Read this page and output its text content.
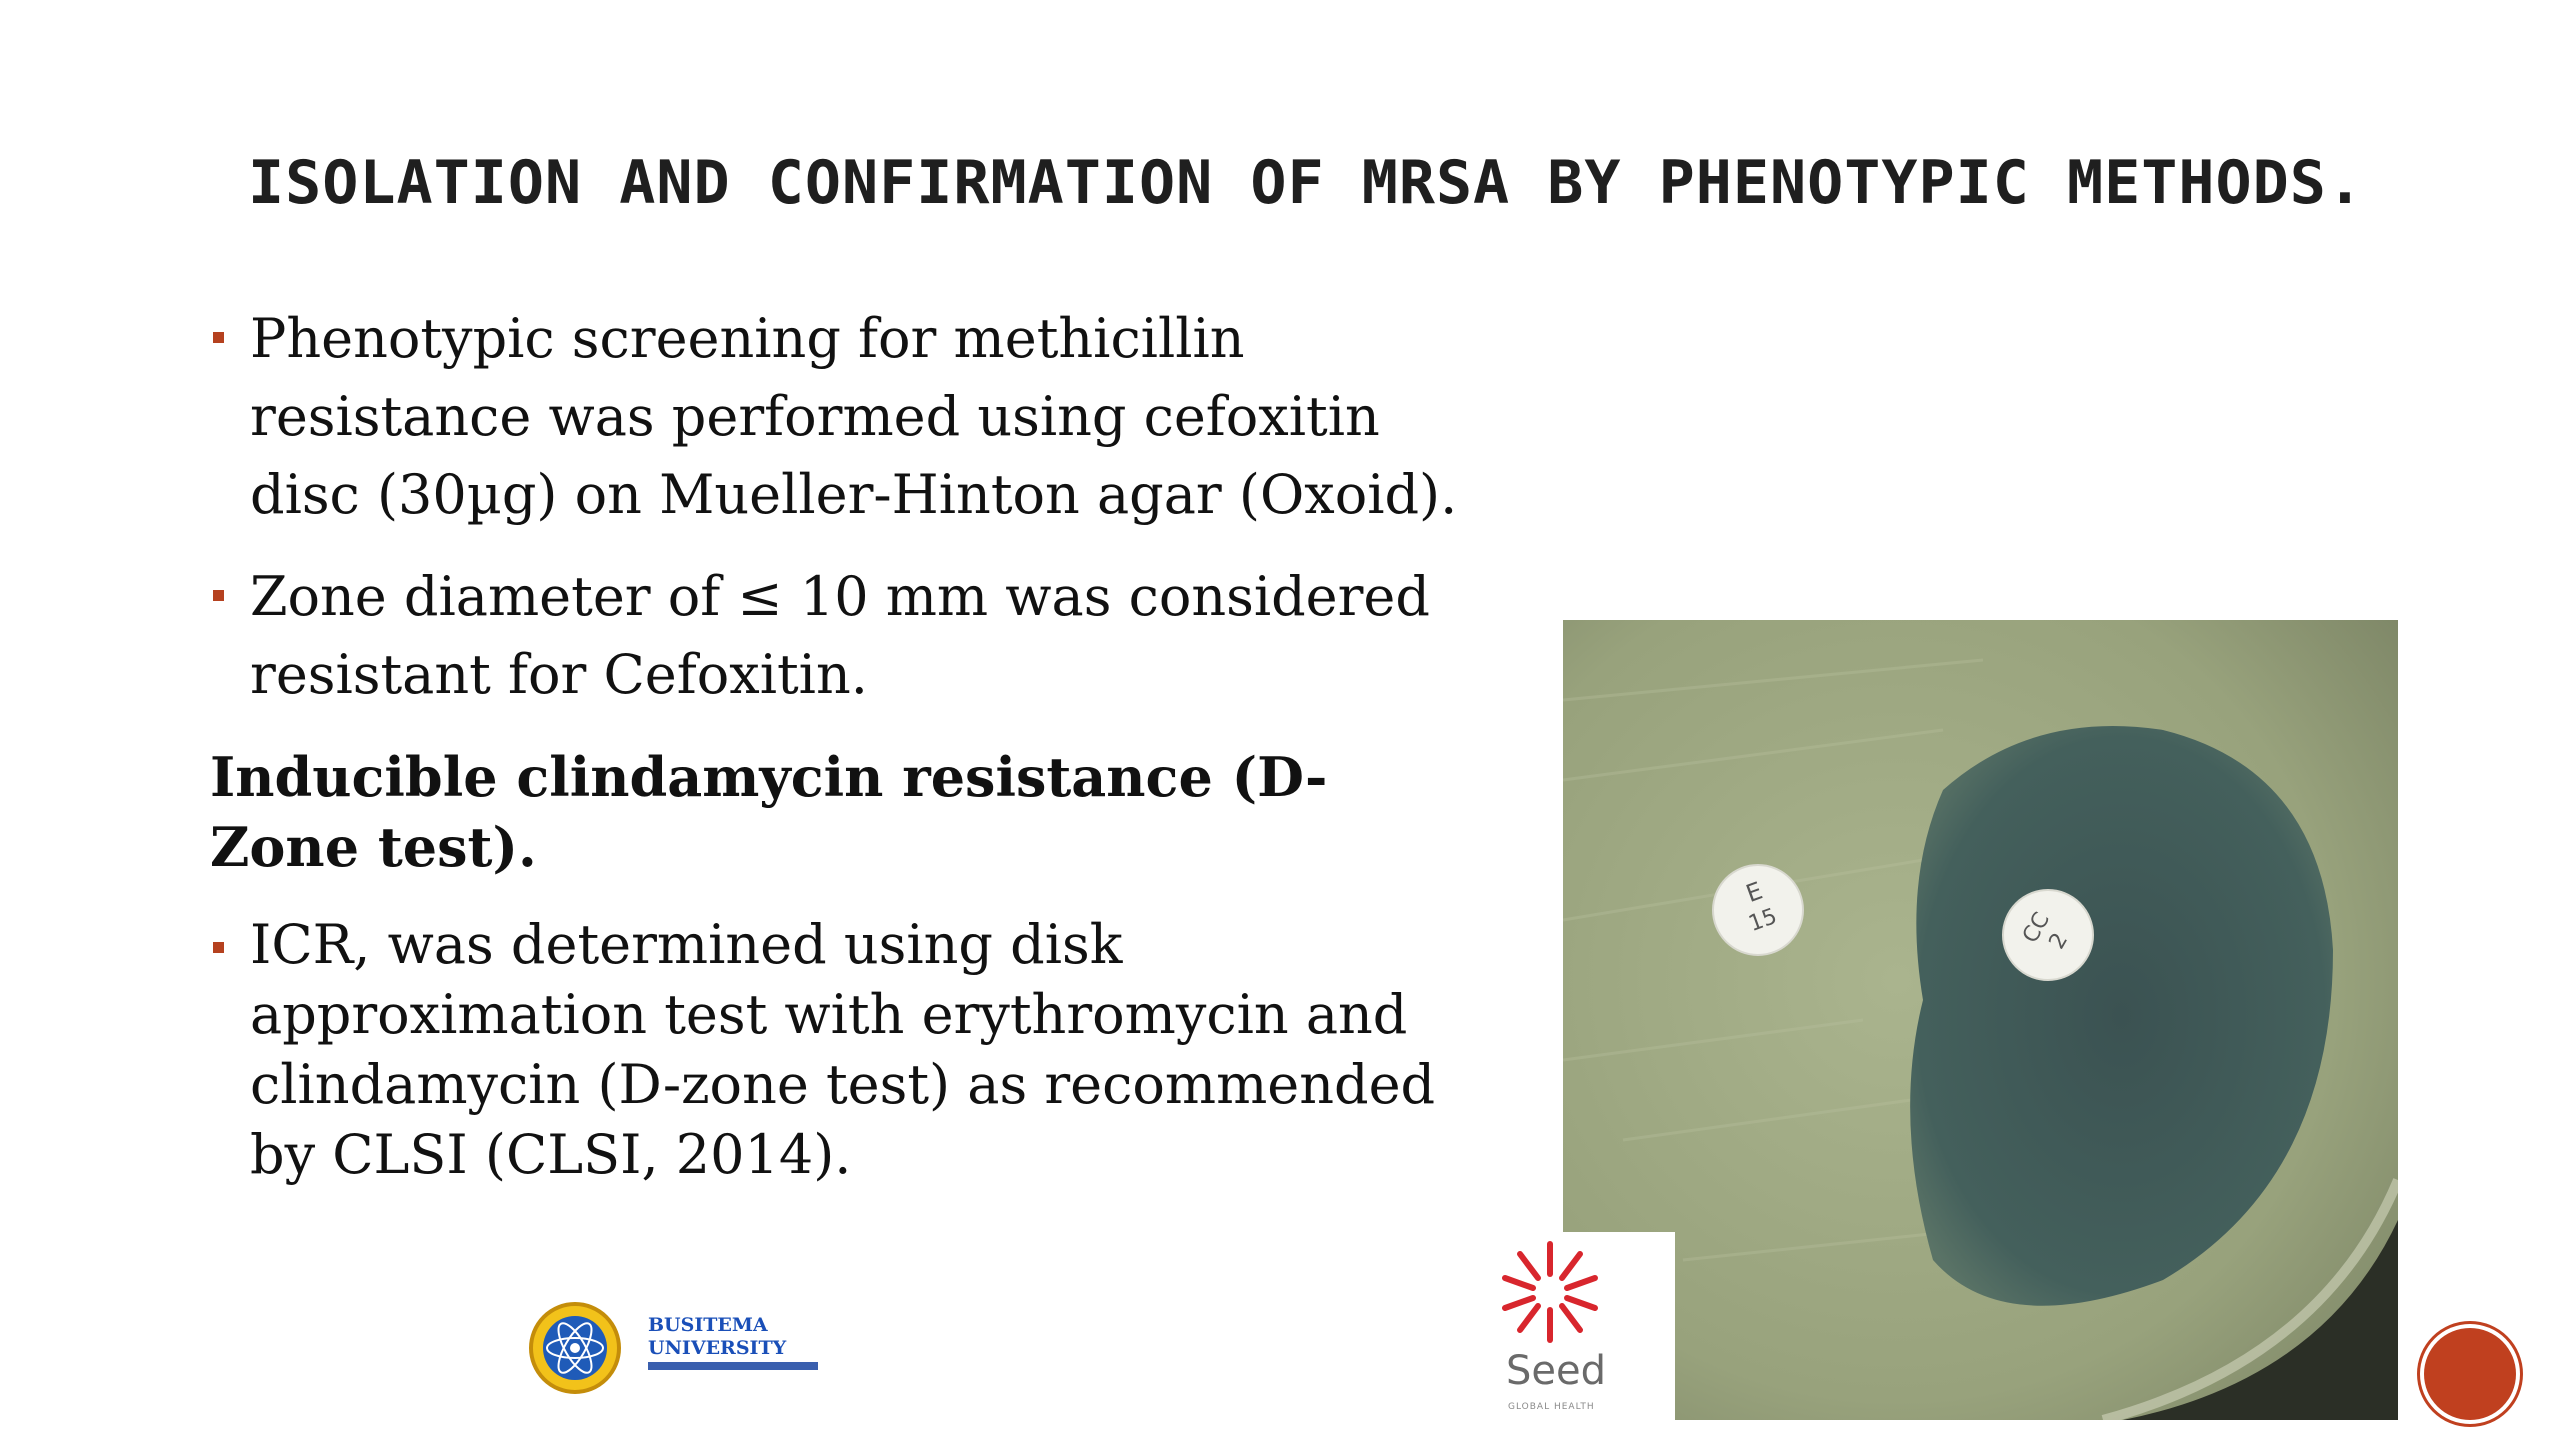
ISOLATION AND CONFIRMATION OF MRSA BY PHENOTYPIC METHODS.
Phenotypic screening for methicillin resistance was performed using cefoxitin disc (30µg) on Mueller-Hinton agar (Oxoid).
Zone diameter of ≤ 10 mm was considered resistant for Cefoxitin.
Inducible clindamycin resistance (D-Zone test).
ICR, was determined using disk approximation test with erythromycin and clindamycin (D-zone test) as recommended by CLSI (CLSI, 2014).
E
15	CC
2
Seed
GLOBAL HEALTH
BUSITEMA
UNIVERSITY
